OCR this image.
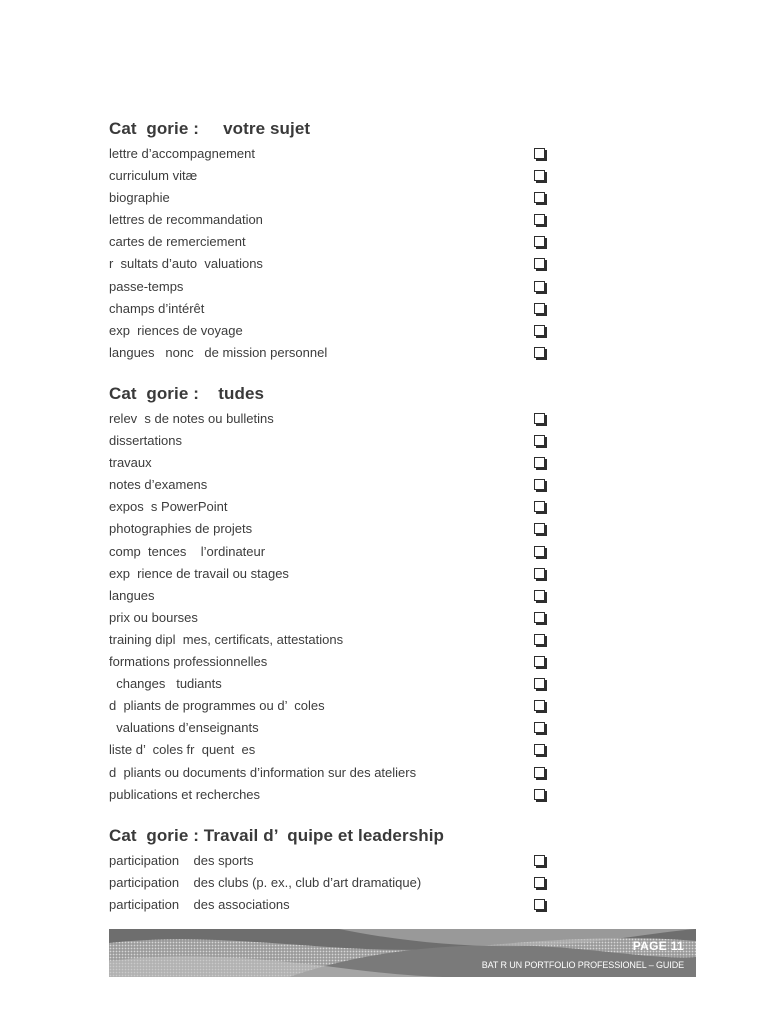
Cat  gorie :     votre sujet
lettre d’accompagnement
curriculum vitæ
biographie
lettres de recommandation
cartes de remerciement
r  sultats d’auto  valuations
passe-temps
champs d’intérêt
exp  riences de voyage
langues   nonc   de mission personnel
Cat  gorie :    tudes
relev  s de notes ou bulletins
dissertations
travaux
notes d’examens
expos  s PowerPoint
photographies de projets
comp  tences    l’ordinateur
exp  rience de travail ou stages
langues
prix ou bourses
training dipl  mes, certificats, attestations
formations professionnelles
changes   tudiants
d  pliants de programmes ou d’  coles
valuations d’enseignants
liste d’  coles fr  quent  es
d  pliants ou documents d’information sur des ateliers
publications et recherches
Cat  gorie : Travail d’  quipe et leadership
participation    des sports
participation    des clubs (p. ex., club d’art dramatique)
participation    des associations
PAGE 11
BAT R UN PORTFOLIO PROFESSIONEL – GUIDE
